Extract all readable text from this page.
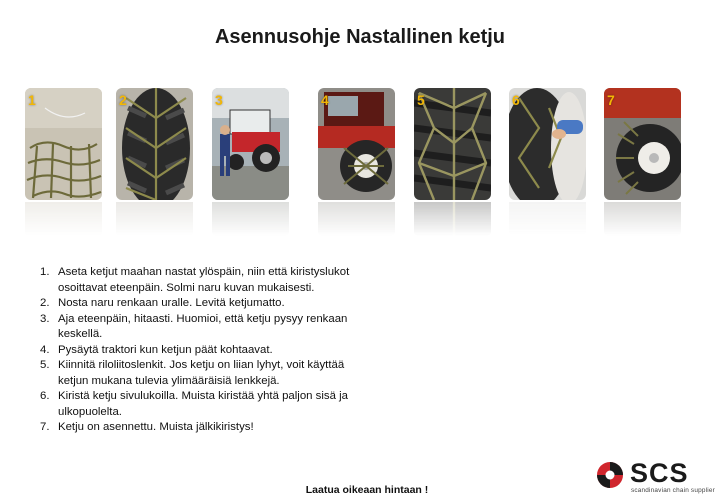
Asennusohje Nastallinen ketju
1	2	3	4	5	6	7
1. Aseta ketjut maahan nastat ylöspäin, niin että kiristyslukot osoittavat eteenpäin. Solmi naru kuvan mukaisesti.
2. Nosta naru renkaan uralle. Levitä ketjumatto.
3. Aja eteenpäin, hitaasti. Huomioi, että ketju pysyy renkaan keskellä.
4. Pysäytä traktori kun ketjun päät kohtaavat.
5. Kiinnitä riloliitoslenkit. Jos ketju on liian lyhyt, voit käyttää ketjun mukana tulevia ylimääräisiä lenkkejä.
6. Kiristä ketju sivulukoilla. Muista kiristää yhtä paljon sisä ja ulkopuolelta.
7. Ketju on asennettu. Muista jälkikiristys!
Laatua oikeaan hintaan !
SCS
scandinavian chain supplier
